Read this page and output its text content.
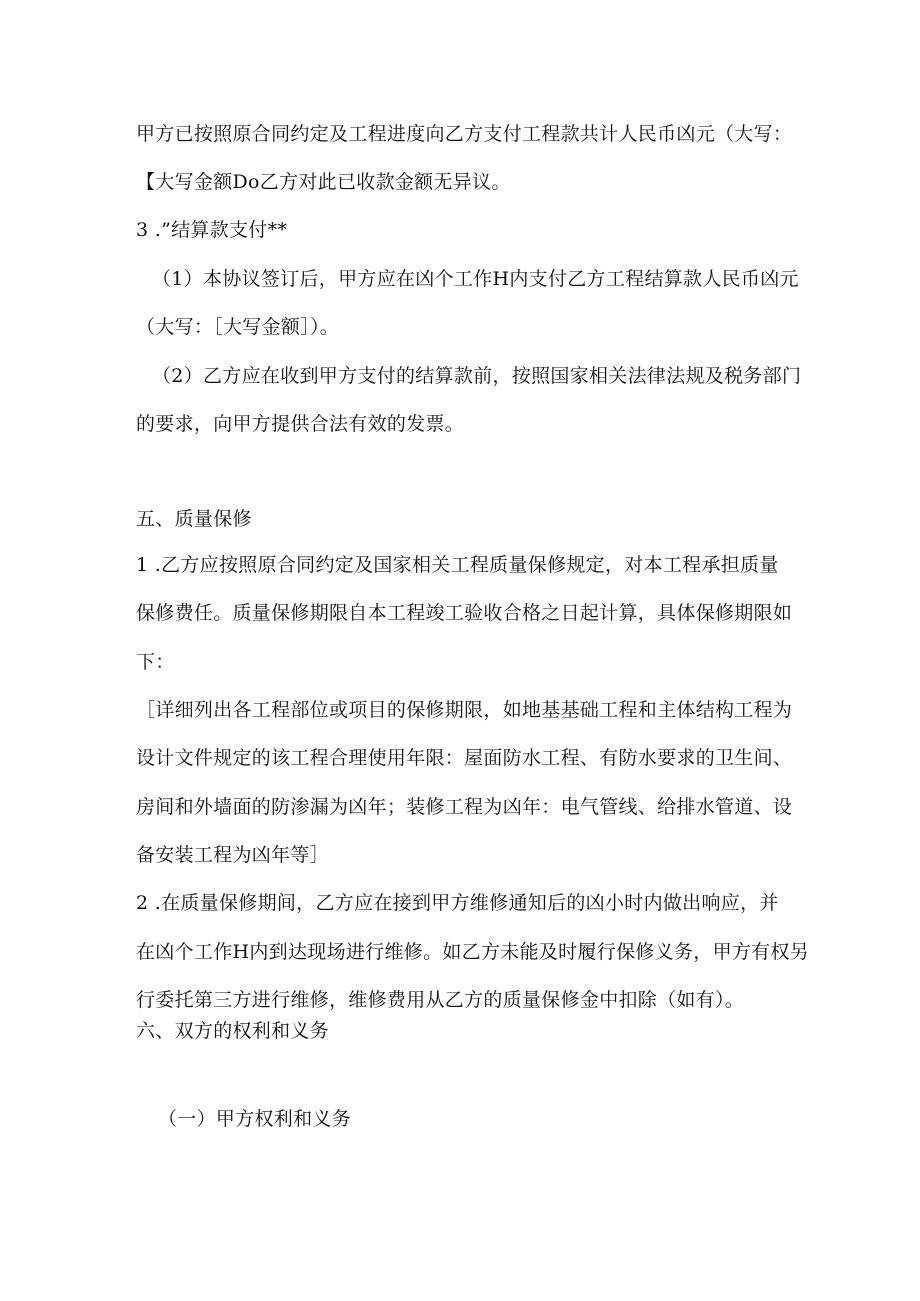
甲方已按照原合同约定及工程进度向乙方支付工程款共计人民币凶元（大写：
【大写金额Do乙方对此已收款金额无异议。
3 .”结算款支付**
（1）本协议签订后，甲方应在凶个工作H内支付乙方工程结算款人民币凶元
（大写：［大写金额］）。
（2）乙方应在收到甲方支付的结算款前，按照国家相关法律法规及税务部门
的要求，向甲方提供合法有效的发票。
五、质量保修
1 .乙方应按照原合同约定及国家相关工程质量保修规定，对本工程承担质量
保修费任。质量保修期限自本工程竣工验收合格之日起计算，具体保修期限如
下：
［详细列出各工程部位或项目的保修期限，如地基基础工程和主体结构工程为
设计文件规定的该工程合理使用年限：屋面防水工程、有防水要求的卫生间、
房间和外墙面的防渗漏为凶年；装修工程为凶年：电气管线、给排水管道、设
备安装工程为凶年等］
2 .在质量保修期间，乙方应在接到甲方维修通知后的凶小时内做出响应，并
在凶个工作H内到达现场进行维修。如乙方未能及时履行保修义务，甲方有权另
行委托第三方进行维修，维修费用从乙方的质量保修金中扣除（如有）。
六、双方的权利和义务
（一）甲方权利和义务
